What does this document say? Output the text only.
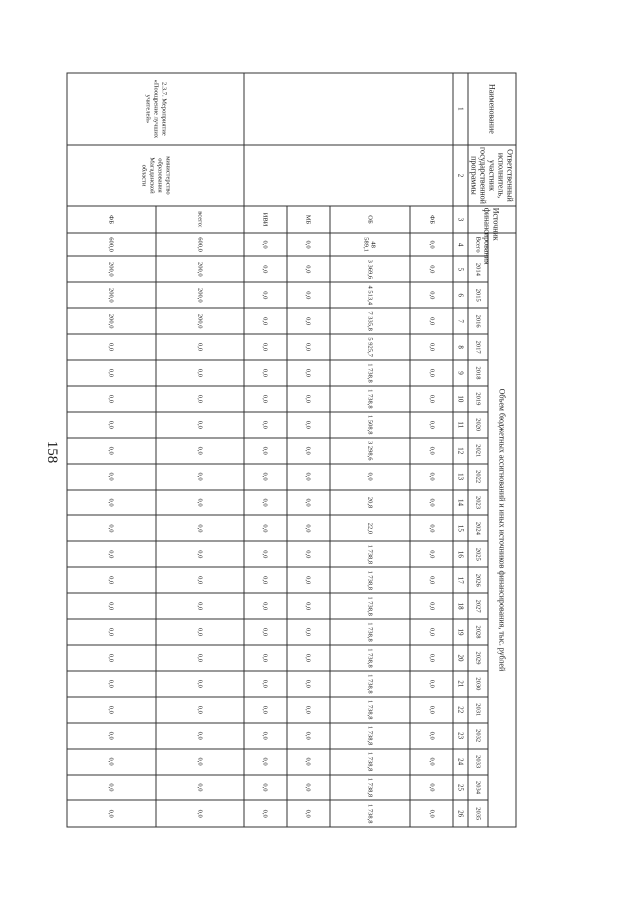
158
Наименование	Ответственный исполнитель, участник государственной программы	Источник финансирования	Объем бюджетных ассигнований и иных источников финансирования, тыс. рублей																						
			Всего	2014	2015	2016	2017	2018	2019	2020	2021	2022	2023	2024	2025	2026	2027	2028	2029	2030	2031	2032	2033	2034	2035
1	2	3	4	5	6	7	8	9	10	11	12	13	14	15	16	17	18	19	20	21	22	23	24	25	26
		ФБ	0,0	0,0	0,0	0,0	0,0	0,0	0,0	0,0	0,0	0,0	0,0	0,0	0,0	0,0	0,0	0,0	0,0	0,0	0,0	0,0	0,0	0,0	0,0
		ОБ	48 589,1	3 369,6	4 513,4	7 335,8	5 925,7	1 738,8	1 738,8	1 508,8	3 298,6	0,0	20,8	22,0	1 738,8	1 738,8	1 738,8	1 738,8	1 738,8	1 738,8	1 738,8	1 738,8	1 738,8	1 738,8	1 738,8
		МБ	0,0	0,0	0,0	0,0	0,0	0,0	0,0	0,0	0,0	0,0	0,0	0,0	0,0	0,0	0,0	0,0	0,0	0,0	0,0	0,0	0,0	0,0	0,0
		ИВИ	0,0	0,0	0,0	0,0	0,0	0,0	0,0	0,0	0,0	0,0	0,0	0,0	0,0	0,0	0,0	0,0	0,0	0,0	0,0	0,0	0,0	0,0	0,0
2.3.7. Мероприятие «Поощрение лучших учителей»	министерство образования Магаданской области	всего:	600,0	200,0	200,0	200,0	0,0	0,0	0,0	0,0	0,0	0,0	0,0	0,0	0,0	0,0	0,0	0,0	0,0	0,0	0,0	0,0	0,0	0,0	0,0
		ФБ	600,0	200,0	200,0	200,0	0,0	0,0	0,0	0,0	0,0	0,0	0,0	0,0	0,0	0,0	0,0	0,0	0,0	0,0	0,0	0,0	0,0	0,0	0,0
